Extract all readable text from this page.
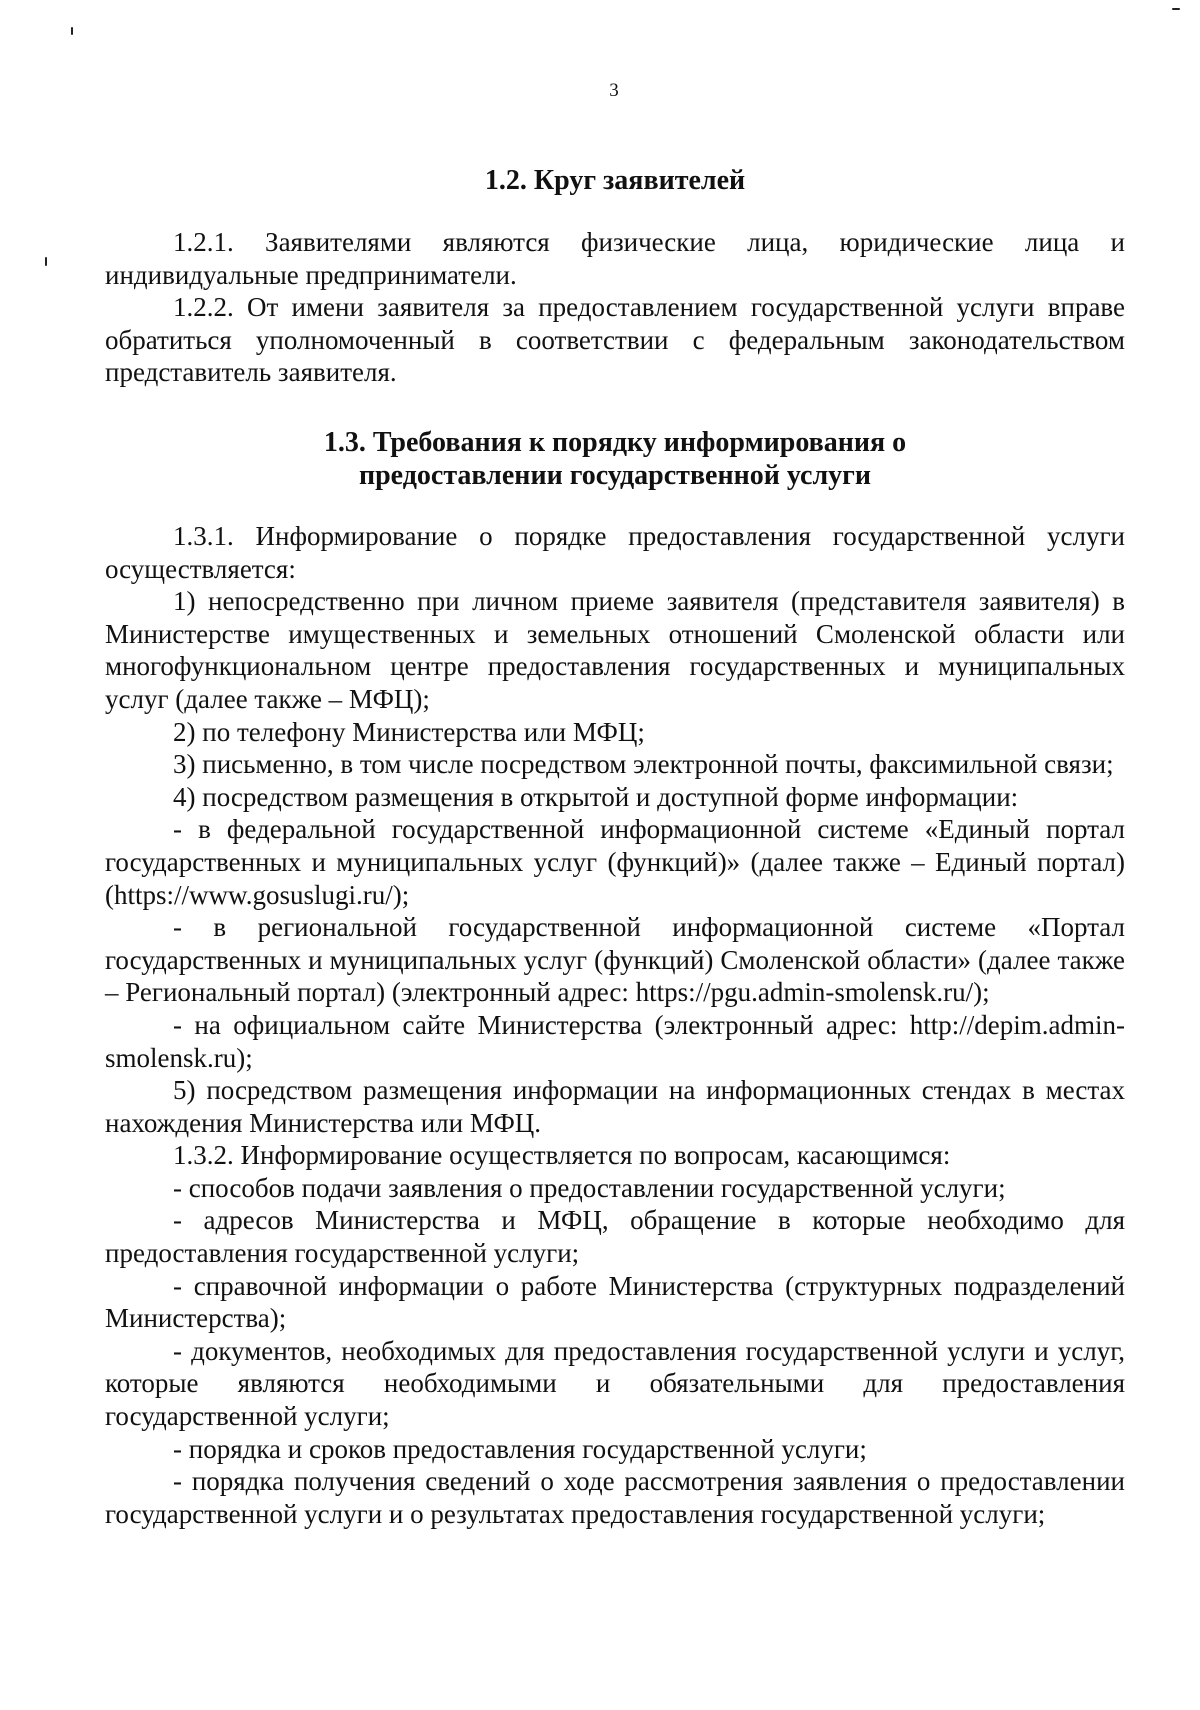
3
1.2. Круг заявителей

1.2.1. Заявителями являются физические лица, юридические лица и индивидуальные предприниматели.

1.2.2. От имени заявителя за предоставлением государственной услуги вправе обратиться уполномоченный в соответствии с федеральным законодательством представитель заявителя.

1.3. Требования к порядку информирования о
предоставлении государственной услуги

1.3.1. Информирование о порядке предоставления государственной услуги осуществляется:

1) непосредственно при личном приеме заявителя (представителя заявителя) в Министерстве имущественных и земельных отношений Смоленской области или многофункциональном центре предоставления государственных и муниципальных услуг (далее также – МФЦ);

2) по телефону Министерства или МФЦ;

3) письменно, в том числе посредством электронной почты, факсимильной связи;

4) посредством размещения в открытой и доступной форме информации:

- в федеральной государственной информационной системе «Единый портал государственных и муниципальных услуг (функций)» (далее также – Единый портал) (https://www.gosuslugi.ru/);

- в региональной государственной информационной системе «Портал государственных и муниципальных услуг (функций) Смоленской области» (далее также – Региональный портал) (электронный адрес: https://pgu.admin-smolensk.ru/);

- на официальном сайте Министерства (электронный адрес: http://depim.admin-smolensk.ru);

5) посредством размещения информации на информационных стендах в местах нахождения Министерства или МФЦ.

1.3.2. Информирование осуществляется по вопросам, касающимся:

- способов подачи заявления о предоставлении государственной услуги;

- адресов Министерства и МФЦ, обращение в которые необходимо для предоставления государственной услуги;

- справочной информации о работе Министерства (структурных подразделений Министерства);

- документов, необходимых для предоставления государственной услуги и услуг, которые являются необходимыми и обязательными для предоставления государственной услуги;

- порядка и сроков предоставления государственной услуги;

- порядка получения сведений о ходе рассмотрения заявления о предоставлении государственной услуги и о результатах предоставления государственной услуги;
